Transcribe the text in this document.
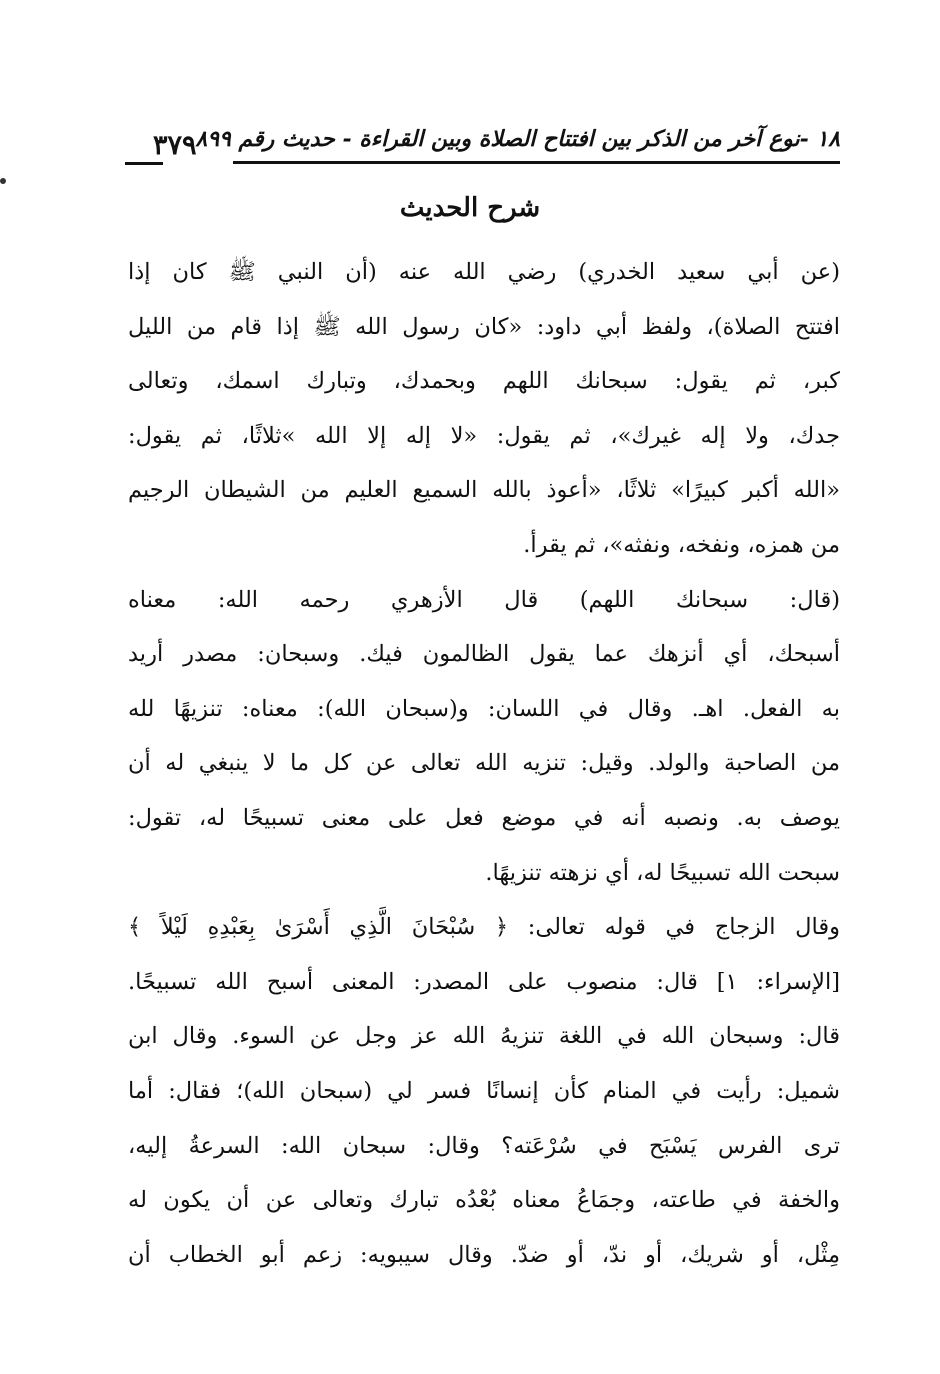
١٨ -نوع آخر من الذكر بين افتتاح الصلاة وبين القراءة - حديث رقم ٨٩٩
٣٧٩
شرح الحديث
(عن أبي سعيد الخدري) رضي الله عنه (أن النبي ﷺ كان إذا
افتتح الصلاة)، ولفظ أبي داود: «كان رسول الله ﷺ إذا قام من الليل
كبر، ثم يقول: سبحانك اللهم وبحمدك، وتبارك اسمك، وتعالى
جدك، ولا إله غيرك»، ثم يقول: «لا إله إلا الله »ثلاثًا، ثم يقول:
«الله أكبر كبيرًا» ثلاثًا، «أعوذ بالله السميع العليم من الشيطان الرجيم
من همزه، ونفخه، ونفثه»، ثم يقرأ.
(قال: سبحانك اللهم) قال الأزهري رحمه الله: معناه
أسبحك، أي أنزهك عما يقول الظالمون فيك. وسبحان: مصدر أريد
به الفعل. اهـ. وقال في اللسان: و(سبحان الله): معناه: تنزيهًا لله
من الصاحبة والولد. وقيل: تنزيه الله تعالى عن كل ما لا ينبغي له أن
يوصف به. ونصبه أنه في موضع فعل على معنى تسبيحًا له، تقول:
سبحت الله تسبيحًا له، أي نزهته تنزيهًا.
وقال الزجاج في قوله تعالى: ﴿ سُبْحَانَ الَّذِي أَسْرَىٰ بِعَبْدِهِ لَيْلاً ﴾
[الإسراء: ١] قال: منصوب على المصدر: المعنى أسبح الله تسبيحًا.
قال: وسبحان الله في اللغة تنزيهُ الله عز وجل عن السوء. وقال ابن
شميل: رأيت في المنام كأن إنسانًا فسر لي (سبحان الله)؛ فقال: أما
ترى الفرس يَسْبَح في سُرْعَته؟ وقال: سبحان الله: السرعةُ إليه،
والخفة في طاعته، وجمَاعُ معناه بُعْدُه تبارك وتعالى عن أن يكون له
مِثْل، أو شريك، أو ندّ، أو ضدّ. وقال سيبويه: زعم أبو الخطاب أن
